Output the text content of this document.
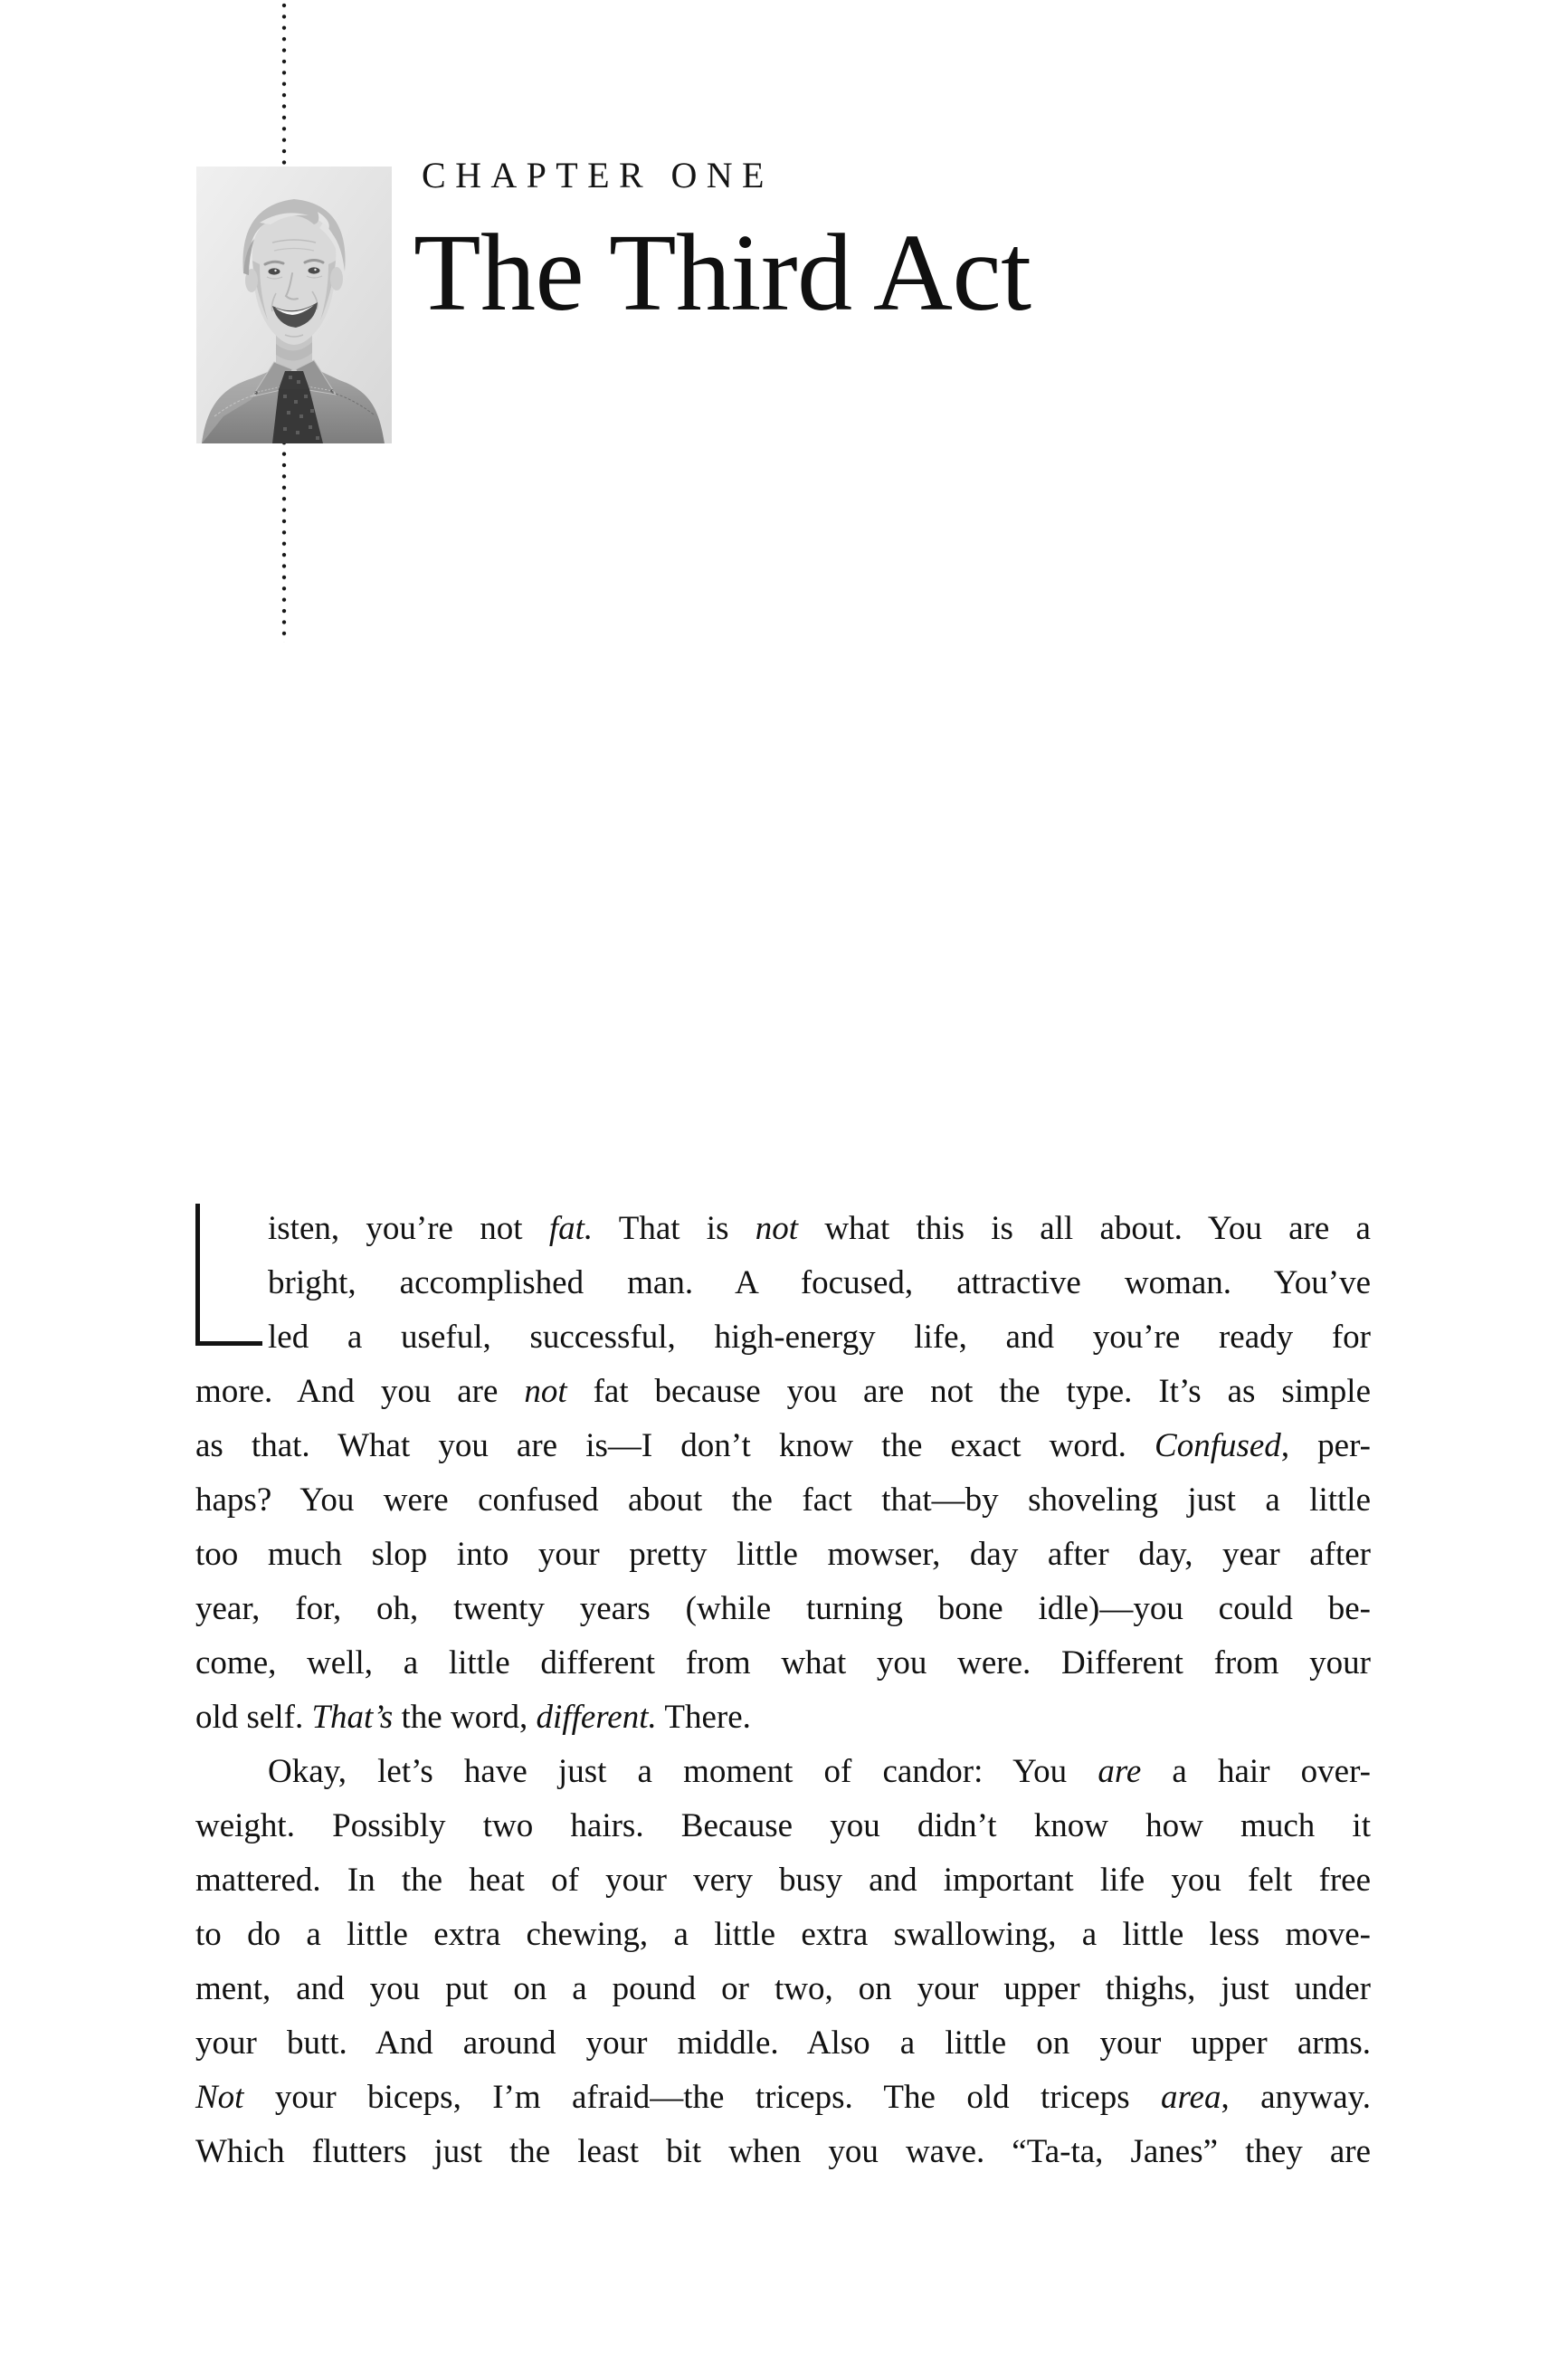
CHAPTER ONE
The Third Act
isten, you’re not fat. That is not what this is all about. You are a
bright, accomplished man. A focused, attractive woman. You’ve
led a useful, successful, high-energy life, and you’re ready for
more. And you are not fat because you are not the type. It’s as simple
as that. What you are is—I don’t know the exact word. Confused, per-
haps? You were confused about the fact that—by shoveling just a little
too much slop into your pretty little mowser, day after day, year after
year, for, oh, twenty years (while turning bone idle)—you could be-
come, well, a little different from what you were. Different from your
old self. That’s the word, different. There.
Okay, let’s have just a moment of candor: You are a hair over-
weight. Possibly two hairs. Because you didn’t know how much it
mattered. In the heat of your very busy and important life you felt free
to do a little extra chewing, a little extra swallowing, a little less move-
ment, and you put on a pound or two, on your upper thighs, just under
your butt. And around your middle. Also a little on your upper arms.
Not your biceps, I’m afraid—the triceps. The old triceps area, anyway.
Which flutters just the least bit when you wave. “Ta-ta, Janes” they are
